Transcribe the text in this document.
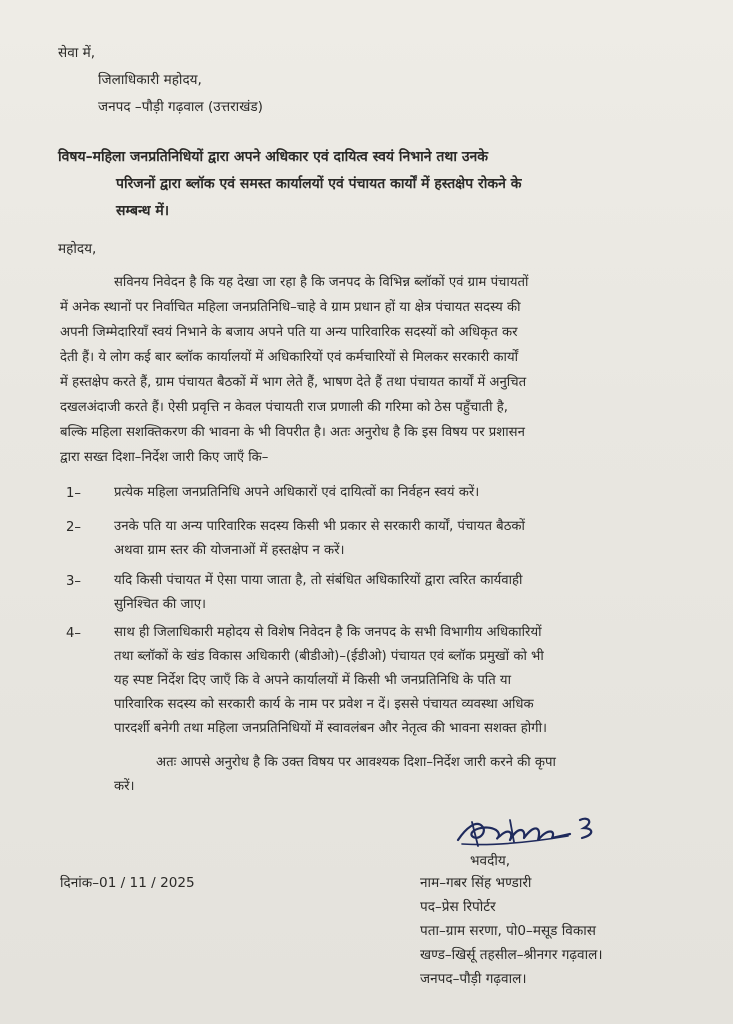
सेवा में,
जिलाधिकारी महोदय,
जनपद –पौड़ी गढ़वाल (उत्तराखंड)
विषय–महिला जनप्रतिनिधियों द्वारा अपने अधिकार एवं दायित्व स्वयं निभाने तथा उनके
परिजनों द्वारा ब्लॉक एवं समस्त कार्यालयों एवं पंचायत कार्यों में हस्तक्षेप रोकने के
सम्बन्ध में।
महोदय,
सविनय निवेदन है कि यह देखा जा रहा है कि जनपद के विभिन्न ब्लॉकों एवं ग्राम पंचायतों
में अनेक स्थानों पर निर्वाचित महिला जनप्रतिनिधि–चाहे वे ग्राम प्रधान हों या क्षेत्र पंचायत सदस्य की
अपनी जिम्मेदारियाँ स्वयं निभाने के बजाय अपने पति या अन्य पारिवारिक सदस्यों को अधिकृत कर
देती हैं। ये लोग कई बार ब्लॉक कार्यालयों में अधिकारियों एवं कर्मचारियों से मिलकर सरकारी कार्यों
में हस्तक्षेप करते हैं, ग्राम पंचायत बैठकों में भाग लेते हैं, भाषण देते हैं तथा पंचायत कार्यों में अनुचित
दखलअंदाजी करते हैं। ऐसी प्रवृत्ति न केवल पंचायती राज प्रणाली की गरिमा को ठेस पहुँचाती है,
बल्कि महिला सशक्तिकरण की भावना के भी विपरीत है। अतः अनुरोध है कि इस विषय पर प्रशासन
द्वारा सख्त दिशा–निर्देश जारी किए जाएँ कि–
1–	प्रत्येक महिला जनप्रतिनिधि अपने अधिकारों एवं दायित्वों का निर्वहन स्वयं करें।
2–	उनके पति या अन्य पारिवारिक सदस्य किसी भी प्रकार से सरकारी कार्यों, पंचायत बैठकों
अथवा ग्राम स्तर की योजनाओं में हस्तक्षेप न करें।
3–	यदि किसी पंचायत में ऐसा पाया जाता है, तो संबंधित अधिकारियों द्वारा त्वरित कार्यवाही
सुनिश्चित की जाए।
4–	साथ ही जिलाधिकारी महोदय से विशेष निवेदन है कि जनपद के सभी विभागीय अधिकारियों
तथा ब्लॉकों के खंड विकास अधिकारी (बीडीओ)–(ईडीओ) पंचायत एवं ब्लॉक प्रमुखों को भी
यह स्पष्ट निर्देश दिए जाएँ कि वे अपने कार्यालयों में किसी भी जनप्रतिनिधि के पति या
पारिवारिक सदस्य को सरकारी कार्य के नाम पर प्रवेश न दें। इससे पंचायत व्यवस्था अधिक
पारदर्शी बनेगी तथा महिला जनप्रतिनिधियों में स्वावलंबन और नेतृत्व की भावना सशक्त होगी।
अतः आपसे अनुरोध है कि उक्त विषय पर आवश्यक दिशा–निर्देश जारी करने की कृपा
करें।
भवदीय,
दिनांक–01 / 11 / 2025	नाम–गबर सिंह भण्डारी
पद–प्रेस रिपोर्टर
पता–ग्राम सरणा, पो0–मसूड विकास
खण्ड–खिर्सू तहसील–श्रीनगर गढ़वाल।
जनपद–पौड़ी गढ़वाल।
